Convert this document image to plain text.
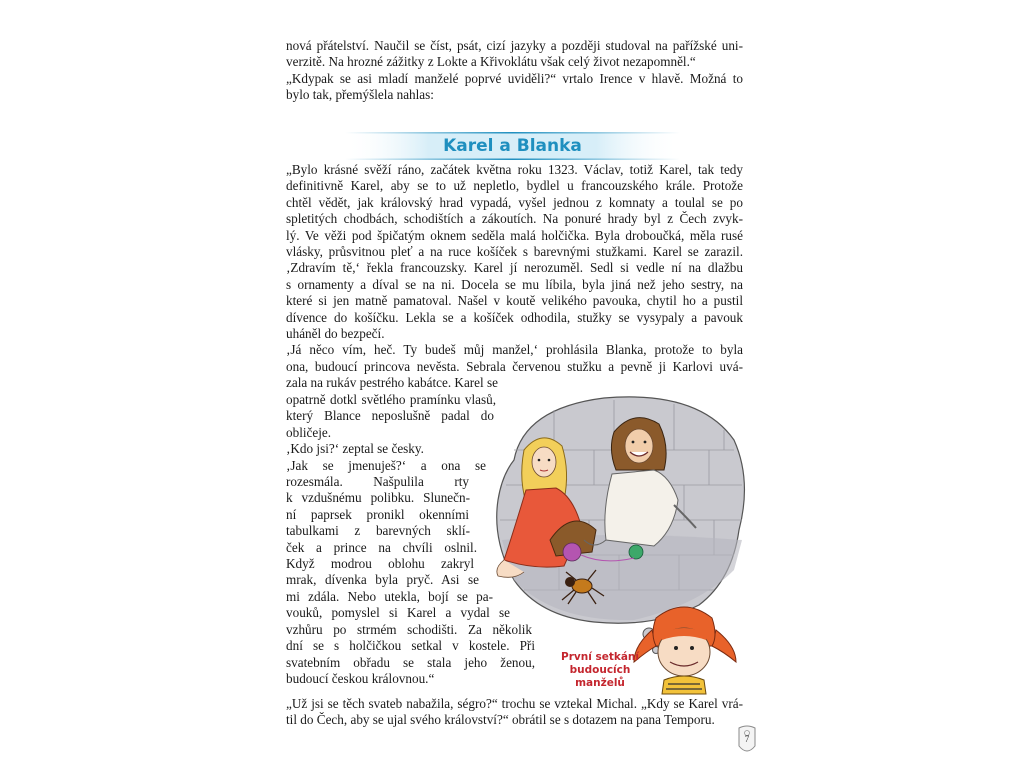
nová přátelství. Naučil se číst, psát, cizí jazyky a později studoval na pařížské uni-
verzitě. Na hrozné zážitky z Lokte a Křivoklátu však celý život nezapomněl.“
„Kdypak se asi mladí manželé poprvé uviděli?“ vrtalo Irence v hlavě. Možná to
bylo tak, přemýšlela nahlas:
Karel a Blanka
„Bylo krásné svěží ráno, začátek května roku 1323. Václav, totiž Karel, tak tedy
definitivně Karel, aby se to už nepletlo, bydlel u francouzského krále. Protože
chtěl vědět, jak královský hrad vypadá, vyšel jednou z komnaty a toulal se po
spletitých chodbách, schodištích a zákoutích. Na ponuré hrady byl z Čech zvyk-
lý. Ve věži pod špičatým oknem seděla malá holčička. Byla droboučká, měla rusé
vlásky, průsvitnou pleť a na ruce košíček s barevnými stužkami. Karel se zarazil.
‚Zdravím tě,‘ řekla francouzsky. Karel jí nerozuměl. Sedl si vedle ní na dlažbu
s ornamenty a díval se na ni. Docela se mu líbila, byla jiná než jeho sestry, na
které si jen matně pamatoval. Našel v koutě velikého pavouka, chytil ho a pustil
dívence do košíčku. Lekla se a košíček odhodila, stužky se vysypaly a pavouk
uháněl do bezpečí.
‚Já něco vím, heč. Ty budeš můj manžel,‘ prohlásila Blanka, protože to byla
ona, budoucí princova nevěsta. Sebrala červenou stužku a pevně ji Karlovi uvá-
zala na rukáv pestrého kabátce. Karel se
opatrně dotkl světlého pramínku vlasů,
který Blance neposlušně padal do
obličeje.
‚Kdo jsi?‘ zeptal se česky.
‚Jak se jmenuješ?‘ a ona se
rozesmála. Našpulila rty
k vzdušnému polibku. Slunečn-
ní paprsek pronikl okenními
tabulkami z barevných sklí-
ček a prince na chvíli oslnil.
Když modrou oblohu zakryl
mrak, dívenka byla pryč. Asi se
mi zdála. Nebo utekla, bojí se pa-
vouků, pomyslel si Karel a vydal se
vzhůru po strmém schodišti. Za několik
dní se s holčičkou setkal v kostele. Při
svatebním obřadu se stala jeho ženou,
budoucí českou královnou.“
První setkání
budoucích manželů
„Už jsi se těch svateb nabažila, ségro?“ trochu se vztekal Michal. „Kdy se Karel vrá-
til do Čech, aby se ujal svého království?“ obrátil se s dotazem na pana Temporu.
7
